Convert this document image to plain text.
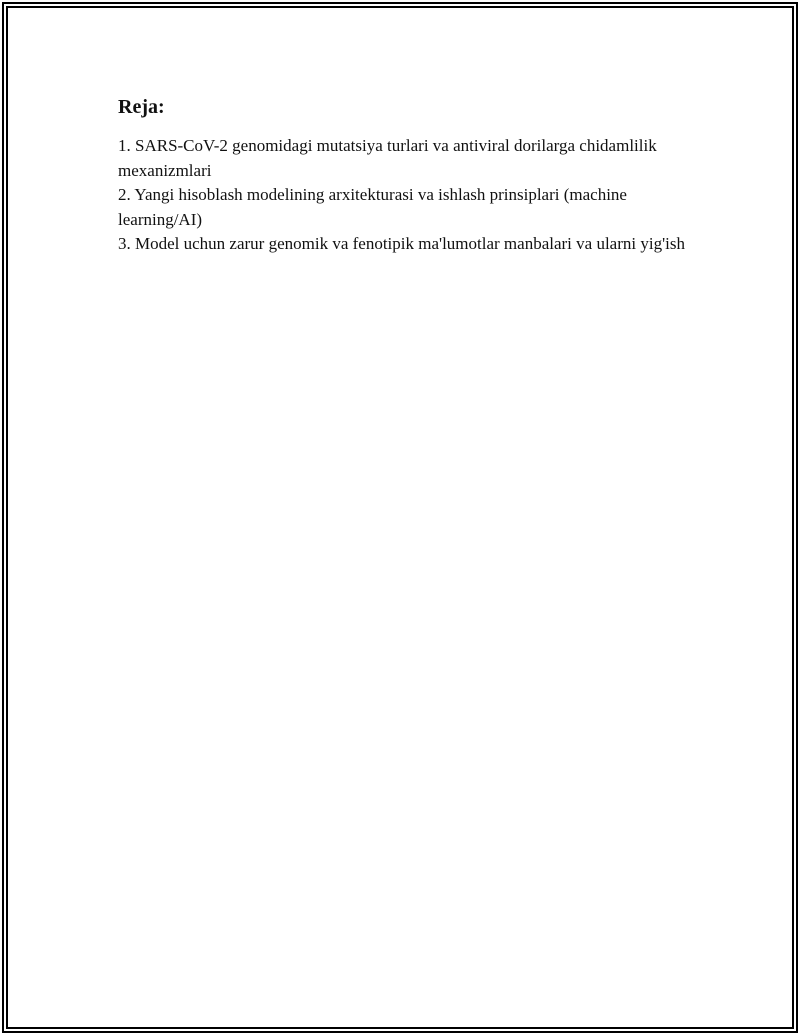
Reja:
1. SARS-CoV-2 genomidagi mutatsiya turlari va antiviral dorilarga chidamlilik mexanizmlari
2. Yangi hisoblash modelining arxitekturasi va ishlash prinsiplari (machine learning/AI)
3. Model uchun zarur genomik va fenotipik ma'lumotlar manbalari va ularni yig'ish
